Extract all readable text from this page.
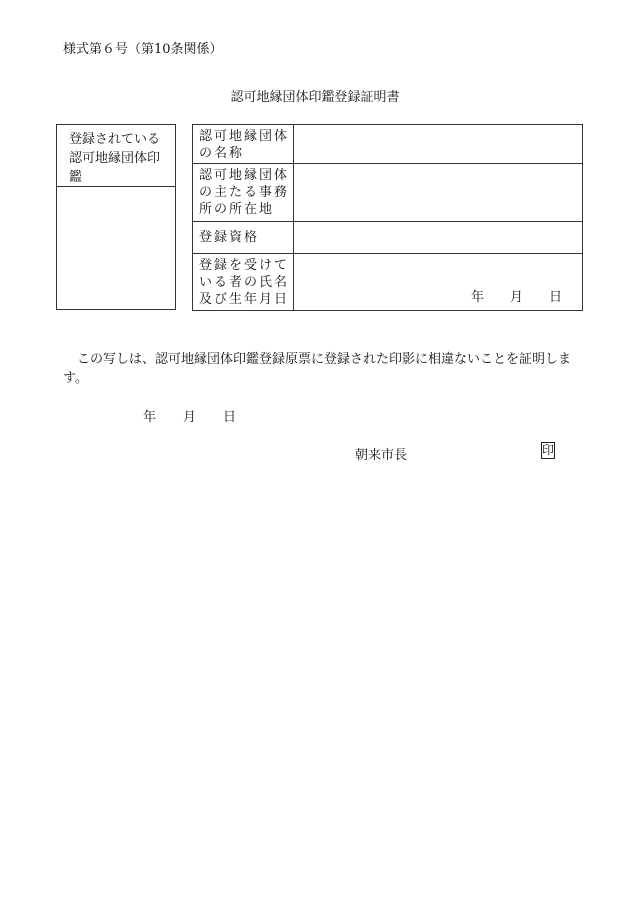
様式第６号（第10条関係）
認可地縁団体印鑑登録証明書
登録されている
認可地縁団体印
鑑
認可地縁団体
の名称
認可地縁団体
の主たる事務
所の所在地
登録資格
登録を受けて
いる者の氏名
及び生年月日	年 月 日
この写しは、認可地縁団体印鑑登録原票に登録された印影に相違ないことを証明します。
年 月 日
朝来市長	印
